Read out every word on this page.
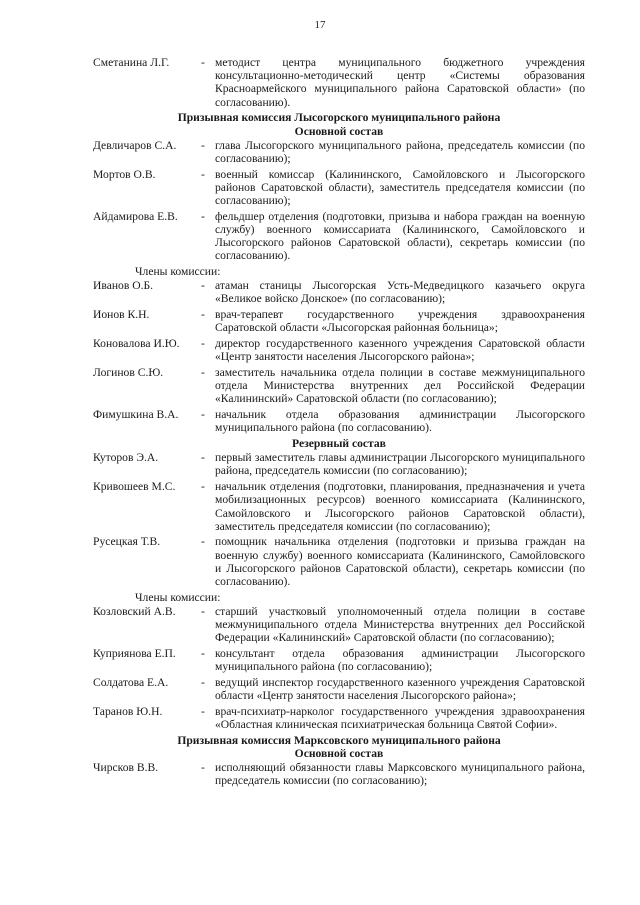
17
Сметанина Л.Г.	- методист центра муниципального бюджетного учреждения консультационно-методический центр «Системы образования Красноармейского муниципального района Саратовской области» (по согласованию).
Призывная комиссия Лысогорского муниципального района
Основной состав
Девличаров С.А.	- глава Лысогорского муниципального района, председатель комиссии (по согласованию);
Мортов О.В.	- военный комиссар (Калининского, Самойловского и Лысогорского районов Саратовской области), заместитель председателя комиссии (по согласованию);
Айдамирова Е.В.	- фельдшер отделения (подготовки, призыва и набора граждан на военную службу) военного комиссариата (Калининского, Самойловского и Лысогорского районов Саратовской области), секретарь комиссии (по согласованию).
Члены комиссии:
Иванов О.Б.	- атаман станицы Лысогорская Усть-Медведицкого казачьего округа «Великое войско Донское» (по согласованию);
Ионов К.Н.	- врач-терапевт государственного учреждения здравоохранения Саратовской области «Лысогорская районная больница»;
Коновалова И.Ю.	- директор государственного казенного учреждения Саратовской области «Центр занятости населения Лысогорского района»;
Логинов С.Ю.	- заместитель начальника отдела полиции в составе межмуниципального отдела Министерства внутренних дел Российской Федерации «Калининский» Саратовской области (по согласованию);
Фимушкина В.А.	- начальник отдела образования администрации Лысогорского муниципального района (по согласованию).
Резервный состав
Куторов Э.А.	- первый заместитель главы администрации Лысогорского муниципального района, председатель комиссии (по согласованию);
Кривошеев М.С.	- начальник отделения (подготовки, планирования, предназначения и учета мобилизационных ресурсов) военного комиссариата (Калининского, Самойловского и Лысогорского районов Саратовской области), заместитель председателя комиссии (по согласованию);
Русецкая Т.В.	- помощник начальника отделения (подготовки и призыва граждан на военную службу) военного комиссариата (Калининского, Самойловского и Лысогорского районов Саратовской области), секретарь комиссии (по согласованию).
Члены комиссии:
Козловский А.В.	- старший участковый уполномоченный отдела полиции в составе межмуниципального отдела Министерства внутренних дел Российской Федерации «Калининский» Саратовской области (по согласованию);
Куприянова Е.П.	- консультант отдела образования администрации Лысогорского муниципального района (по согласованию);
Солдатова Е.А.	- ведущий инспектор государственного казенного учреждения Саратовской области «Центр занятости населения Лысогорского района»;
Таранов Ю.Н.	- врач-психиатр-нарколог государственного учреждения здравоохранения «Областная клиническая психиатрическая больница Святой Софии».
Призывная комиссия Марксовского муниципального района
Основной состав
Чирсков В.В.	- исполняющий обязанности главы Марксовского муниципального района, председатель комиссии (по согласованию);
